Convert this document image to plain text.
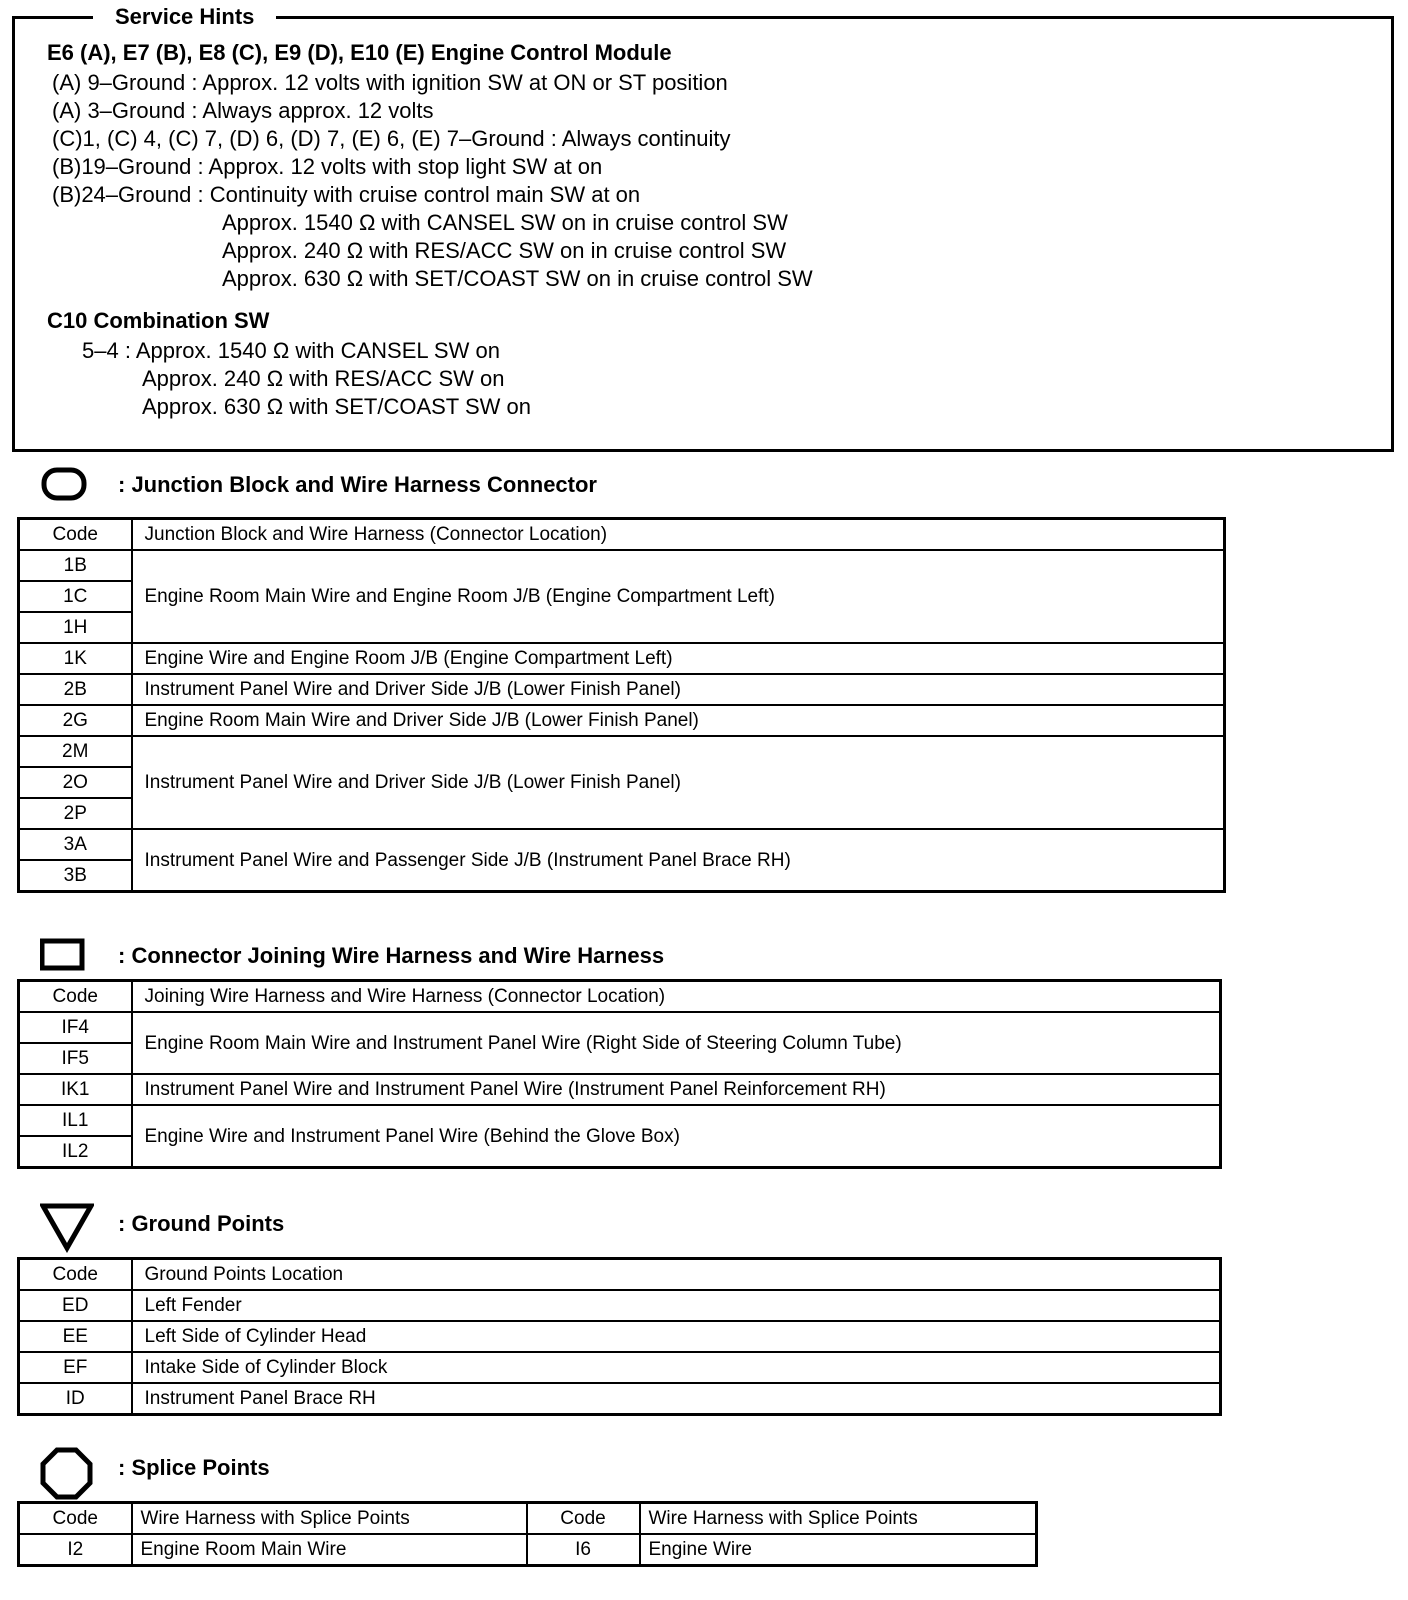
Service Hints
E6 (A), E7 (B), E8 (C), E9 (D), E10 (E) Engine Control Module
(A) 9–Ground : Approx. 12 volts with ignition SW at ON or ST position
(A) 3–Ground : Always approx. 12 volts
(C)1, (C) 4, (C) 7, (D) 6, (D) 7, (E) 6, (E) 7–Ground : Always continuity
(B)19–Ground : Approx. 12 volts with stop light SW at on
(B)24–Ground : Continuity with cruise control main SW at on
Approx. 1540 Ω with CANSEL SW on in cruise control SW
Approx. 240 Ω with RES/ACC SW on in cruise control SW
Approx. 630 Ω with SET/COAST SW on in cruise control SW
C10 Combination SW
5–4 : Approx. 1540 Ω with CANSEL SW on
Approx. 240 Ω with RES/ACC SW on
Approx. 630 Ω with SET/COAST SW on
: Junction Block and Wire Harness Connector
Code	Junction Block and Wire Harness (Connector Location)
1B	Engine Room Main Wire and Engine Room J/B (Engine Compartment Left)
1C	
1H	
1K	Engine Wire and Engine Room J/B (Engine Compartment Left)
2B	Instrument Panel Wire and Driver Side J/B (Lower Finish Panel)
2G	Engine Room Main Wire and Driver Side J/B (Lower Finish Panel)
2M	Instrument Panel Wire and Driver Side J/B (Lower Finish Panel)
2O	
2P	
3A	Instrument Panel Wire and Passenger Side J/B (Instrument Panel Brace RH)
3B	
: Connector Joining Wire Harness and Wire Harness
Code	Joining Wire Harness and Wire Harness (Connector Location)
IF4	Engine Room Main Wire and Instrument Panel Wire (Right Side of Steering Column Tube)
IF5	
IK1	Instrument Panel Wire and Instrument Panel Wire (Instrument Panel Reinforcement RH)
IL1	Engine Wire and Instrument Panel Wire (Behind the Glove Box)
IL2	
: Ground Points
Code	Ground Points Location
ED	Left Fender
EE	Left Side of Cylinder Head
EF	Intake Side of Cylinder Block
ID	Instrument Panel Brace RH
: Splice Points
Code	Wire Harness with Splice Points	Code	Wire Harness with Splice Points
I2	Engine Room Main Wire	I6	Engine Wire
